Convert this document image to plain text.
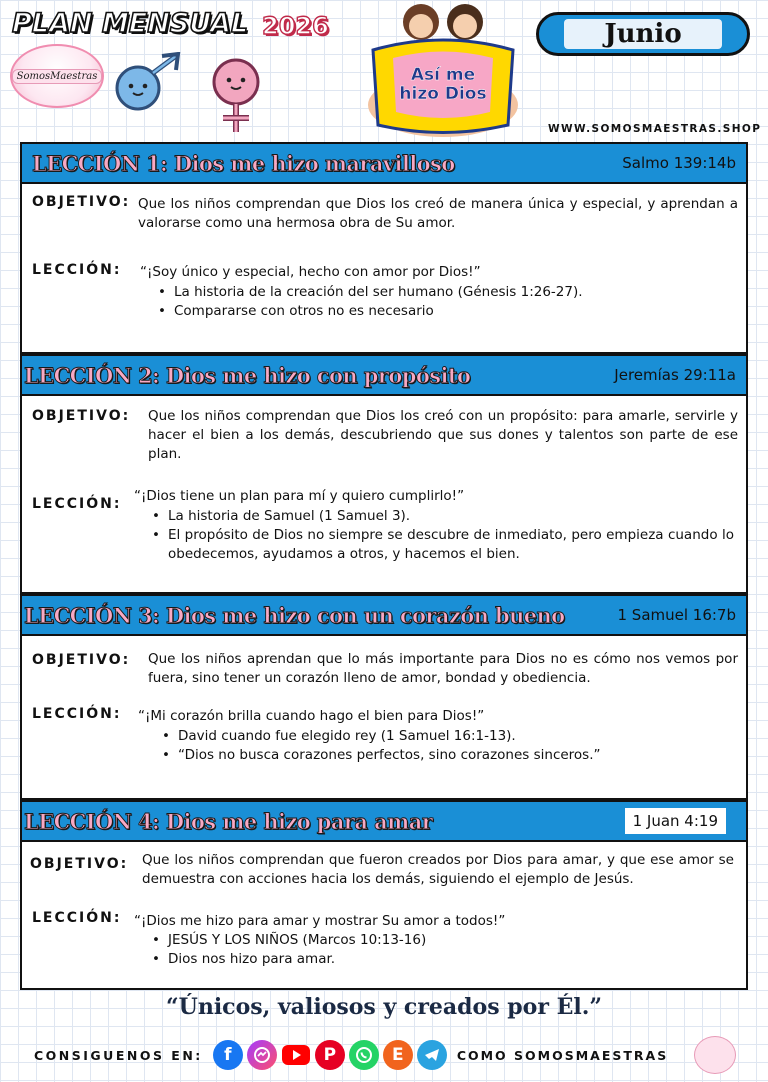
PLAN MENSUAL 2026
SomosMaestras	Así me hizo Dios
Junio
WWW.SOMOSMAESTRAS.SHOP
LECCIÓN 1: Dios me hizo maravilloso	Salmo 139:14b
OBJETIVO: Que los niños comprendan que Dios los creó de manera única y especial, y aprendan a valorarse como una hermosa obra de Su amor.
LECCIÓN: “¡Soy único y especial, hecho con amor por Dios!”
• La historia de la creación del ser humano (Génesis 1:26-27).
• Compararse con otros no es necesario
LECCIÓN 2: Dios me hizo con propósito	Jeremías 29:11a
OBJETIVO: Que los niños comprendan que Dios los creó con un propósito: para amarle, servirle y hacer el bien a los demás, descubriendo que sus dones y talentos son parte de ese plan.
LECCIÓN: “¡Dios tiene un plan para mí y quiero cumplirlo!”
• La historia de Samuel (1 Samuel 3).
• El propósito de Dios no siempre se descubre de inmediato, pero empieza cuando lo obedecemos, ayudamos a otros, y hacemos el bien.
LECCIÓN 3: Dios me hizo con un corazón bueno	1 Samuel 16:7b
OBJETIVO: Que los niños aprendan que lo más importante para Dios no es cómo nos vemos por fuera, sino tener un corazón lleno de amor, bondad y obediencia.
LECCIÓN: “¡Mi corazón brilla cuando hago el bien para Dios!”
• David cuando fue elegido rey (1 Samuel 16:1-13).
• “Dios no busca corazones perfectos, sino corazones sinceros.”
LECCIÓN 4: Dios me hizo para amar	1 Juan 4:19
OBJETIVO: Que los niños comprendan que fueron creados por Dios para amar, y que ese amor se demuestra con acciones hacia los demás, siguiendo el ejemplo de Jesús.
LECCIÓN: “¡Dios me hizo para amar y mostrar Su amor a todos!”
• JESÚS Y LOS NIÑOS (Marcos 10:13-16)
• Dios nos hizo para amar.
“Únicos, valiosos y creados por Él.”
CONSIGUENOS EN:	f	P	E	COMO SOMOSMAESTRAS
